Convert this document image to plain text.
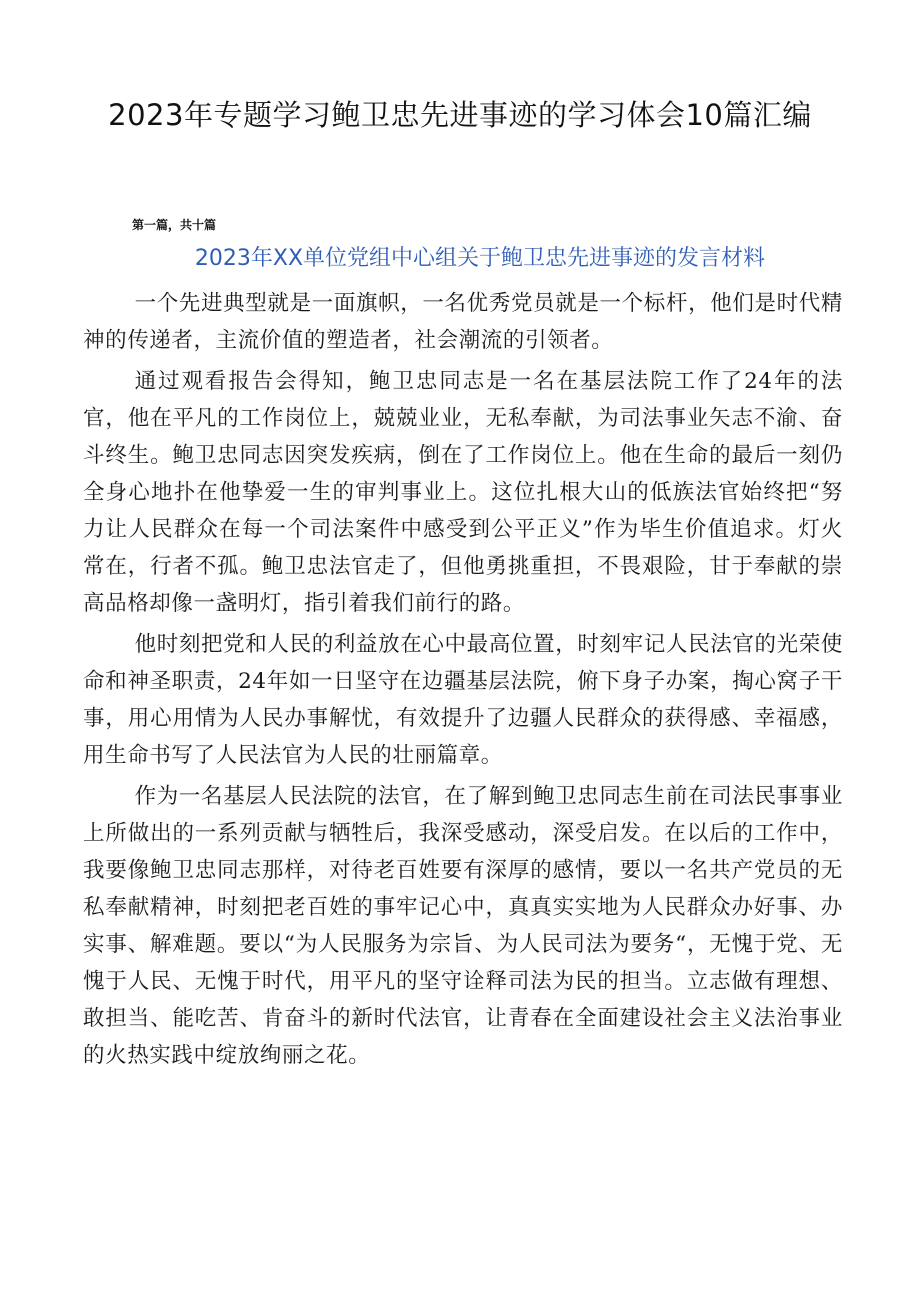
2023年专题学习鲍卫忠先进事迹的学习体会10篇汇编
第一篇，共十篇
2023年XX单位党组中心组关于鲍卫忠先进事迹的发言材料

一个先进典型就是一面旗帜，一名优秀党员就是一个标杆，他们是时代精神的传递者，主流价值的塑造者，社会潮流的引领者。

通过观看报告会得知，鲍卫忠同志是一名在基层法院工作了24年的法官，他在平凡的工作岗位上，兢兢业业，无私奉献，为司法事业矢志不渝、奋斗终生。鲍卫忠同志因突发疾病，倒在了工作岗位上。他在生命的最后一刻仍全身心地扑在他挚爱一生的审判事业上。这位扎根大山的低族法官始终把“努力让人民群众在每一个司法案件中感受到公平正义”作为毕生价值追求。灯火常在，行者不孤。鲍卫忠法官走了，但他勇挑重担，不畏艰险，甘于奉献的崇高品格却像一盏明灯，指引着我们前行的路。

他时刻把党和人民的利益放在心中最高位置，时刻牢记人民法官的光荣使命和神圣职责，24年如一日坚守在边疆基层法院，俯下身子办案，掏心窝子干事，用心用情为人民办事解忧，有效提升了边疆人民群众的获得感、幸福感，用生命书写了人民法官为人民的壮丽篇章。

作为一名基层人民法院的法官，在了解到鲍卫忠同志生前在司法民事事业上所做出的一系列贡献与牺牲后，我深受感动，深受启发。在以后的工作中，我要像鲍卫忠同志那样，对待老百姓要有深厚的感情，要以一名共产党员的无私奉献精神，时刻把老百姓的事牢记心中，真真实实地为人民群众办好事、办实事、解难题。要以“为人民服务为宗旨、为人民司法为要务“，无愧于党、无愧于人民、无愧于时代，用平凡的坚守诠释司法为民的担当。立志做有理想、敢担当、能吃苦、肯奋斗的新时代法官，让青春在全面建设社会主义法治事业的火热实践中绽放绚丽之花。
